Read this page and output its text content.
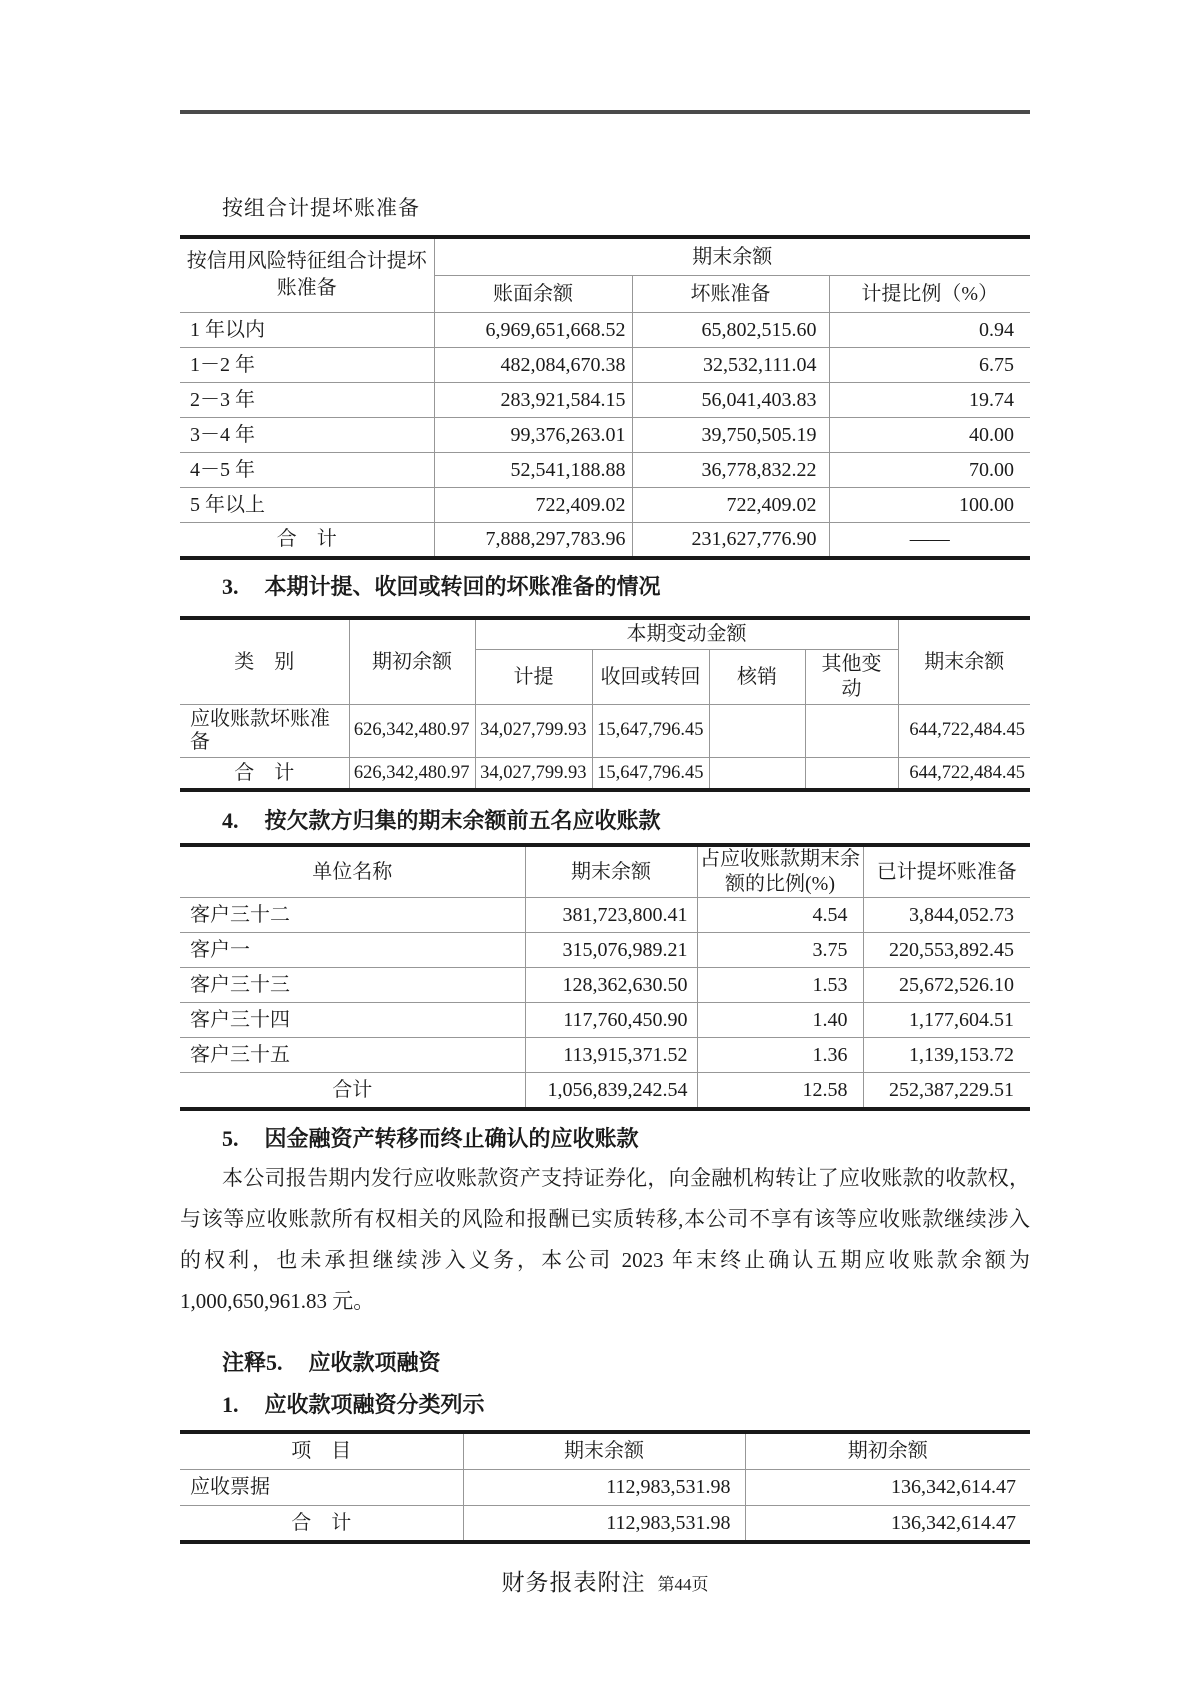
按组合计提坏账准备
按信用风险特征组合计提坏账准备	期末余额		
	账面余额	坏账准备	计提比例（%）
1 年以内	6,969,651,668.52	65,802,515.60	0.94
1－2 年	482,084,670.38	32,532,111.04	6.75
2－3 年	283,921,584.15	56,041,403.83	19.74
3－4 年	99,376,263.01	39,750,505.19	40.00
4－5 年	52,541,188.88	36,778,832.22	70.00
5 年以上	722,409.02	722,409.02	100.00
合　计	7,888,297,783.96	231,627,776.90	——
3. 本期计提、收回或转回的坏账准备的情况
类　别	期初余额	本期变动金额				期末余额
		计提	收回或转回	核销	其他变动	
应收账款坏账准备	626,342,480.97	34,027,799.93	15,647,796.45			644,722,484.45
合　计	626,342,480.97	34,027,799.93	15,647,796.45			644,722,484.45
4. 按欠款方归集的期末余额前五名应收账款
单位名称	期末余额	占应收账款期末余额的比例(%)	已计提坏账准备
客户三十二	381,723,800.41	4.54	3,844,052.73
客户一	315,076,989.21	3.75	220,553,892.45
客户三十三	128,362,630.50	1.53	25,672,526.10
客户三十四	117,760,450.90	1.40	1,177,604.51
客户三十五	113,915,371.52	1.36	1,139,153.72
合计	1,056,839,242.54	12.58	252,387,229.51
5. 因金融资产转移而终止确认的应收账款
本公司报告期内发行应收账款资产支持证券化，向金融机构转让了应收账款的收款权，
与该等应收账款所有权相关的风险和报酬已实质转移,本公司不享有该等应收账款继续涉入
的权利，也未承担继续涉入义务，本公司 2023 年末终止确认五期应收账款余额为
1,000,650,961.83 元。
注释5. 应收款项融资
1. 应收款项融资分类列示
项　目	期末余额	期初余额
应收票据	112,983,531.98	136,342,614.47
合　计	112,983,531.98	136,342,614.47
财务报表附注 第44页
